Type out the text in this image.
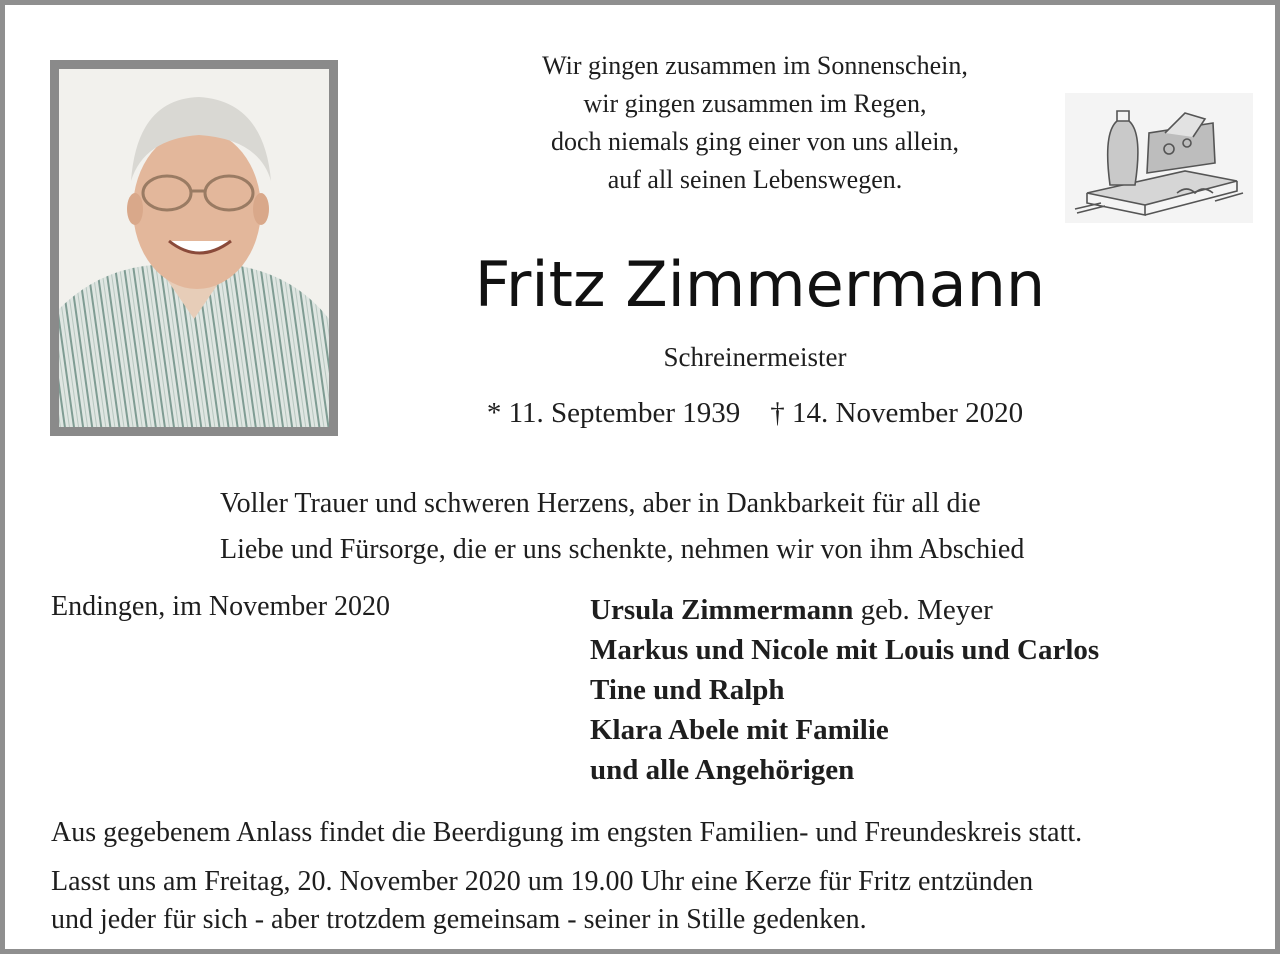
Wir gingen zusammen im Sonnenschein,
wir gingen zusammen im Regen,
doch niemals ging einer von uns allein,
auf all seinen Lebenswegen.
Fritz Zimmermann
Schreinermeister
* 11. September 1939 † 14. November 2020
Voller Trauer und schweren Herzens, aber in Dankbarkeit für all die
Liebe und Fürsorge, die er uns schenkte, nehmen wir von ihm Abschied
Endingen, im November 2020	Ursula Zimmermann geb. Meyer
Markus und Nicole mit Louis und Carlos
Tine und Ralph
Klara Abele mit Familie
und alle Angehörigen
Aus gegebenem Anlass findet die Beerdigung im engsten Familien- und Freundeskreis statt.
Lasst uns am Freitag, 20. November 2020 um 19.00 Uhr eine Kerze für Fritz entzünden
und jeder für sich - aber trotzdem gemeinsam - seiner in Stille gedenken.
